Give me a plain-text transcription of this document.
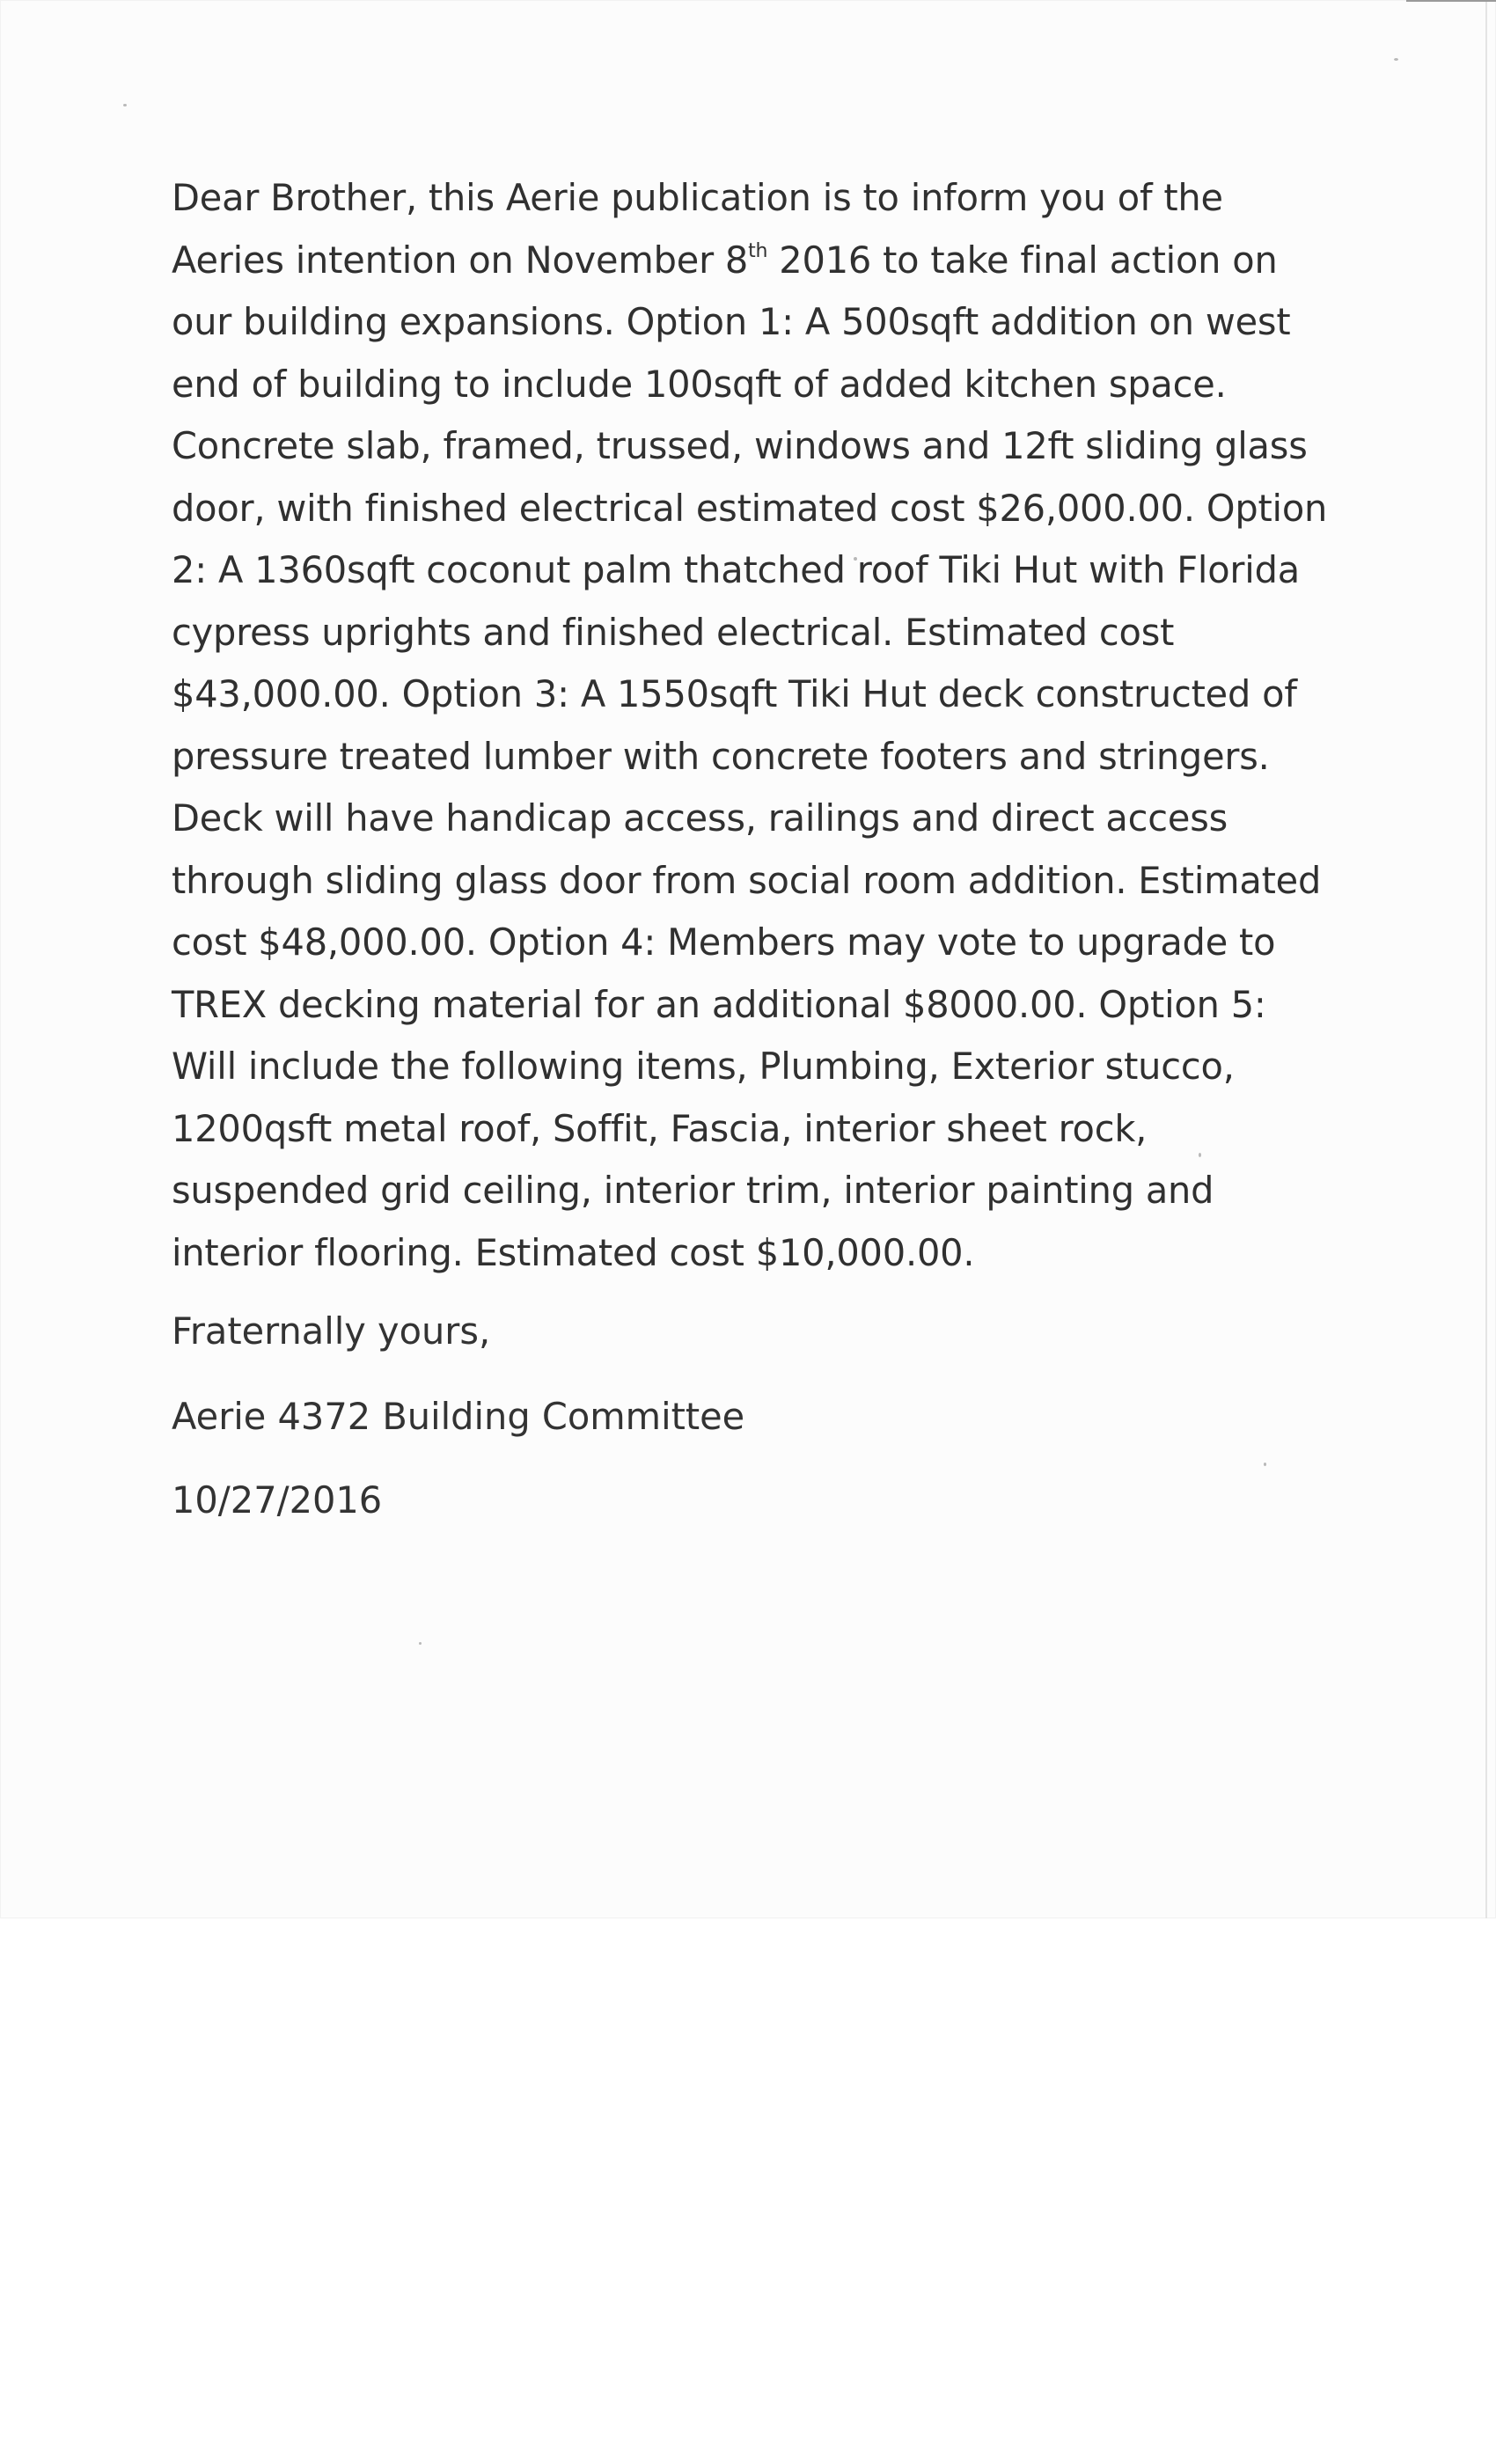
Dear Brother, this Aerie publication is to inform you of the
Aeries intention on November 8th 2016 to take final action on
our building expansions. Option 1: A 500sqft addition on west
end of building to include 100sqft of added kitchen space.
Concrete slab, framed, trussed, windows and 12ft sliding glass
door, with finished electrical estimated cost $26,000.00. Option
2: A 1360sqft coconut palm thatched roof Tiki Hut with Florida
cypress uprights and finished electrical. Estimated cost
$43,000.00. Option 3: A 1550sqft Tiki Hut deck constructed of
pressure treated lumber with concrete footers and stringers.
Deck will have handicap access, railings and direct access
through sliding glass door from social room addition. Estimated
cost $48,000.00. Option 4: Members may vote to upgrade to
TREX decking material for an additional $8000.00. Option 5:
Will include the following items, Plumbing, Exterior stucco,
1200qsft metal roof, Soffit, Fascia, interior sheet rock,
suspended grid ceiling, interior trim, interior painting and
interior flooring. Estimated cost $10,000.00.
Fraternally yours,
Aerie 4372 Building Committee
10/27/2016
